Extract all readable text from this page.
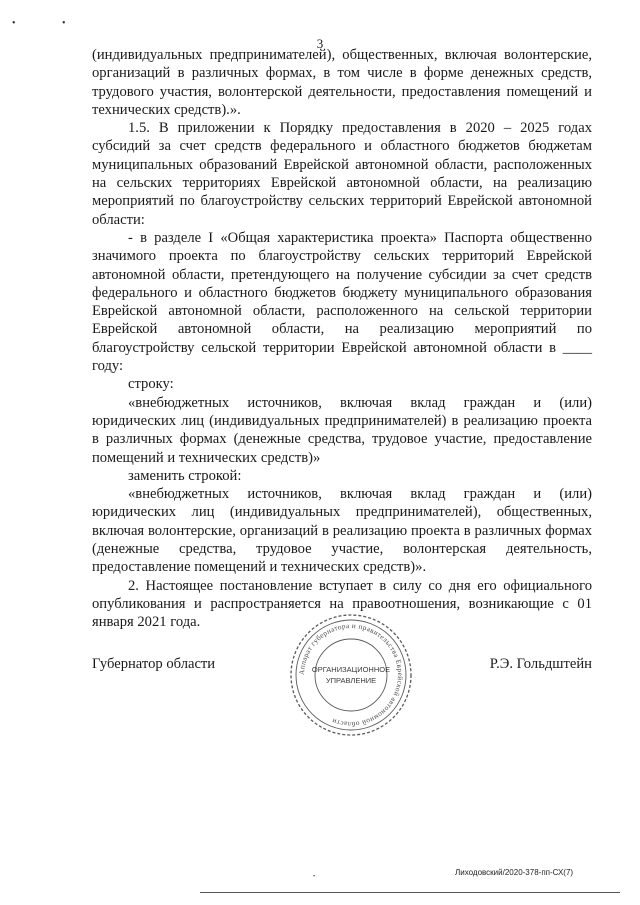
• •
3

(индивидуальных предпринимателей), общественных, включая волонтерские, организаций в различных формах, в том числе в форме денежных средств, трудового участия, волонтерской деятельности, предоставления помещений и технических средств).».

1.5. В приложении к Порядку предоставления в 2020 – 2025 годах субсидий за счет средств федерального и областного бюджетов бюджетам муниципальных образований Еврейской автономной области, расположенных на сельских территориях Еврейской автономной области, на реализацию мероприятий по благоустройству сельских территорий Еврейской автономной области:

- в разделе I «Общая характеристика проекта» Паспорта общественно значимого проекта по благоустройству сельских территорий Еврейской автономной области, претендующего на получение субсидии за счет средств федерального и областного бюджетов бюджету муниципального образования Еврейской автономной области, расположенного на сельской территории Еврейской автономной области, на реализацию мероприятий по благоустройству сельской территории Еврейской автономной области в ____ году:

строку:

«внебюджетных источников, включая вклад граждан и (или) юридических лиц (индивидуальных предпринимателей) в реализацию проекта в различных формах (денежные средства, трудовое участие, предоставление помещений и технических средств)»

заменить строкой:

«внебюджетных источников, включая вклад граждан и (или) юридических лиц (индивидуальных предпринимателей), общественных, включая волонтерские, организаций в реализацию проекта в различных формах (денежные средства, трудовое участие, волонтерская деятельность, предоставление помещений и технических средств)».

2. Настоящее постановление вступает в силу со дня его официального опубликования и распространяется на правоотношения, возникающие с 01 января 2021 года.

Губернатор области	Р.Э. Гольдштейн
Аппарат губернатора и правительства Еврейской автономной области
ОРГАНИЗАЦИОННОЕ
УПРАВЛЕНИЕ
•	Лиходовский/2020-378-пп-СХ(7)
